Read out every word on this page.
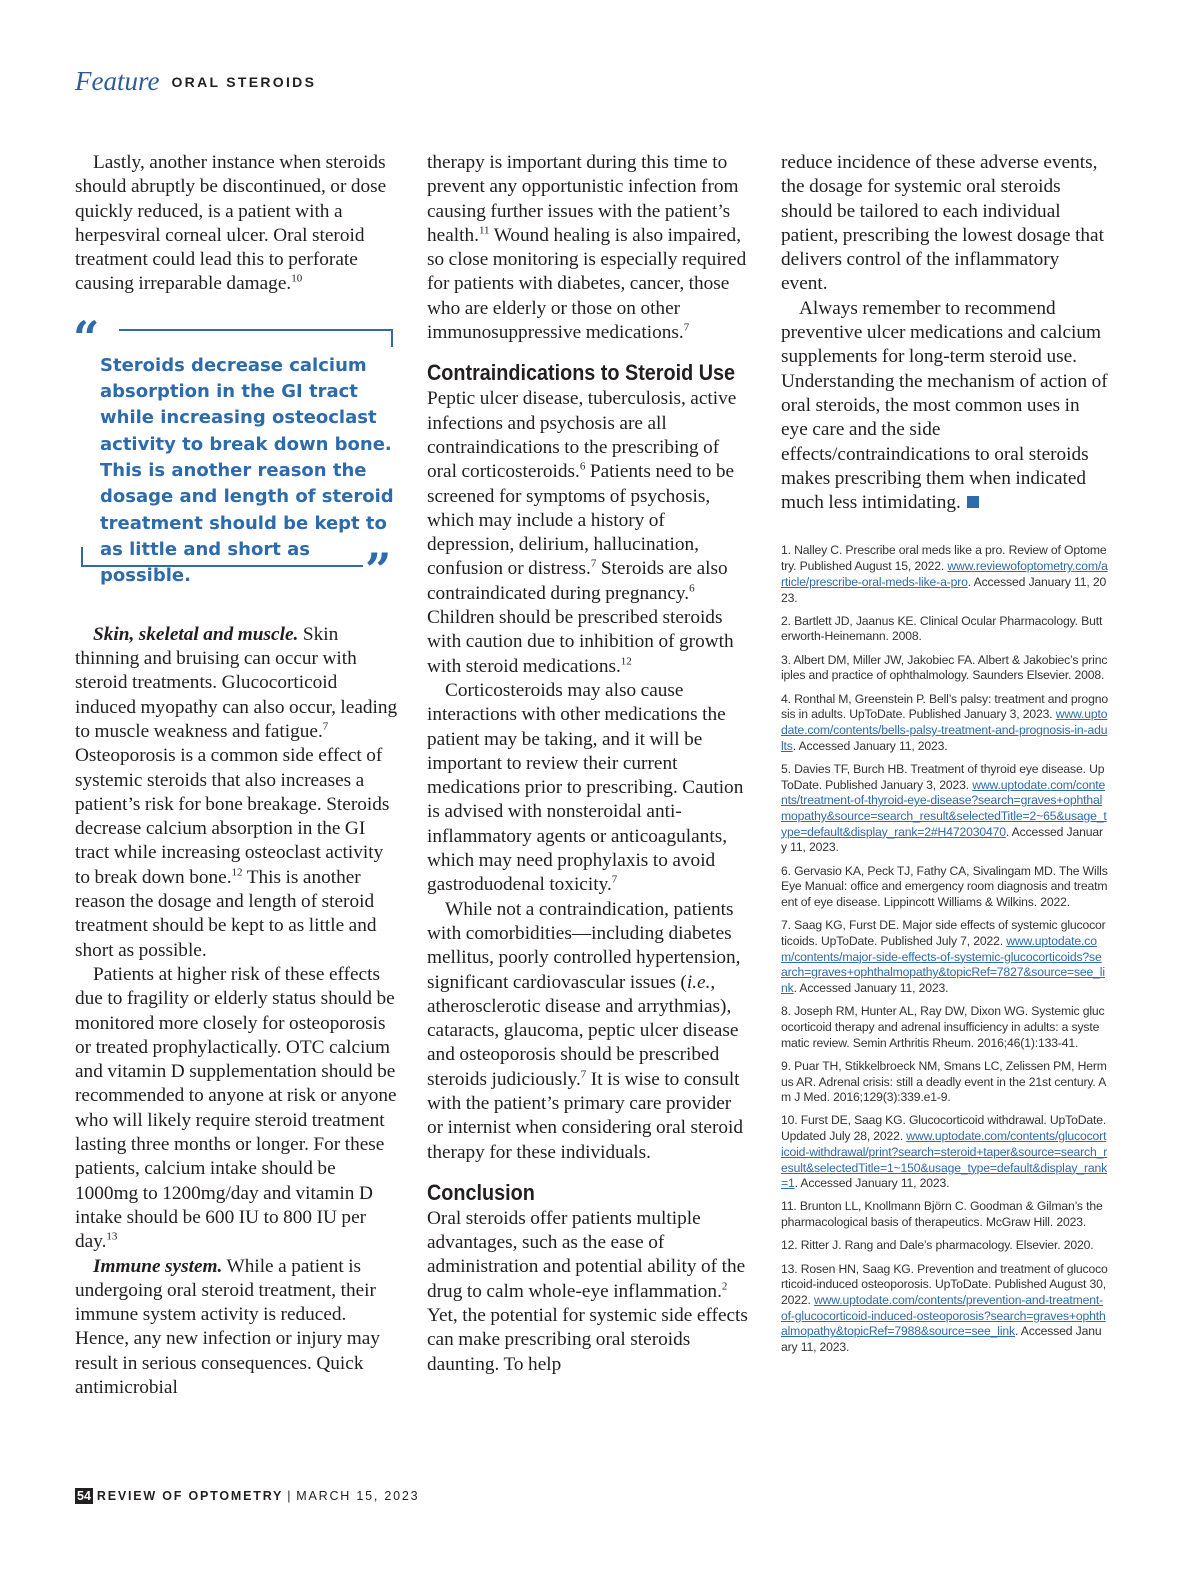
Feature ORAL STEROIDS

Lastly, another instance when steroids should abruptly be discontinued, or dose quickly reduced, is a patient with a herpesviral corneal ulcer. Oral steroid treatment could lead this to perforate causing irreparable damage.$^{10}$

“
”
Steroids decrease calcium absorption in the GI tract while increasing osteoclast activity to break down bone. This is another reason the dosage and length of steroid treatment should be kept to as little and short as possible.

Skin, skeletal and muscle. Skin thinning and bruising can occur with steroid treatments. Glucocorticoid induced myopathy can also occur, leading to muscle weakness and fatigue.$^7$ Osteoporosis is a common side effect of systemic steroids that also increases a patient’s risk for bone breakage. Steroids decrease calcium absorption in the GI tract while increasing osteoclast activity to break down bone.$^{12}$ This is another reason the dosage and length of steroid treatment should be kept to as little and short as possible.

Patients at higher risk of these effects due to fragility or elderly status should be monitored more closely for osteoporosis or treated prophylactically. OTC calcium and vitamin D supplementation should be recommended to anyone at risk or anyone who will likely require steroid treatment lasting three months or longer. For these patients, calcium intake should be 1000mg to 1200mg/day and vitamin D intake should be 600 IU to 800 IU per day.$^{13}$

Immune system. While a patient is undergoing oral steroid treatment, their immune system activity is reduced. Hence, any new infection or injury may result in serious consequences. Quick antimicrobial

therapy is important during this time to prevent any opportunistic infection from causing further issues with the patient’s health.$^{11}$ Wound healing is also impaired, so close monitoring is especially required for patients with diabetes, cancer, those who are elderly or those on other immunosuppressive medications.$^7$

Contraindications to Steroid Use

Peptic ulcer disease, tuberculosis, active infections and psychosis are all contraindications to the prescribing of oral corticosteroids.$^6$ Patients need to be screened for symptoms of psychosis, which may include a history of depression, delirium, hallucination, confusion or distress.$^7$ Steroids are also contraindicated during pregnancy.$^6$ Children should be prescribed steroids with caution due to inhibition of growth with steroid medications.$^{12}$

Corticosteroids may also cause interactions with other medications the patient may be taking, and it will be important to review their current medications prior to prescribing. Caution is advised with nonsteroidal anti-inflammatory agents or anticoagulants, which may need prophylaxis to avoid gastroduodenal toxicity.$^7$

While not a contraindication, patients with comorbidities—including diabetes mellitus, poorly controlled hypertension, significant cardiovascular issues (i.e., atherosclerotic disease and arrythmias), cataracts, glaucoma, peptic ulcer disease and osteoporosis should be prescribed steroids judiciously.$^7$ It is wise to consult with the patient’s primary care provider or internist when considering oral steroid therapy for these individuals.

Conclusion

Oral steroids offer patients multiple advantages, such as the ease of administration and potential ability of the drug to calm whole-eye inflammation.$^2$ Yet, the potential for systemic side effects can make prescribing oral steroids daunting. To help

reduce incidence of these adverse events, the dosage for systemic oral steroids should be tailored to each individual patient, prescribing the lowest dosage that delivers control of the inflammatory event.

Always remember to recommend preventive ulcer medications and calcium supplements for long-term steroid use. Understanding the mechanism of action of oral steroids, the most common uses in eye care and the side effects/contraindications to oral steroids makes prescribing them when indicated much less intimidating.

1. Nalley C. Prescribe oral meds like a pro. Review of Optometry. Published August 15, 2022. www.reviewofoptometry.com/article/prescribe-oral-meds-like-a-pro. Accessed January 11, 2023.

2. Bartlett JD, Jaanus KE. Clinical Ocular Pharmacology. Butterworth-Heinemann. 2008.

3. Albert DM, Miller JW, Jakobiec FA. Albert & Jakobiec’s principles and practice of ophthalmology. Saunders Elsevier. 2008.

4. Ronthal M, Greenstein P. Bell’s palsy: treatment and prognosis in adults. UpToDate. Published January 3, 2023. www.uptodate.com/contents/bells-palsy-treatment-and-prognosis-in-adults. Accessed January 11, 2023.

5. Davies TF, Burch HB. Treatment of thyroid eye disease. UpToDate. Published January 3, 2023. www.uptodate.com/contents/treatment-of-thyroid-eye-disease?search=graves+ophthalmopathy&source=search_result&selectedTitle=2~65&usage_type=default&display_rank=2#H472030470. Accessed January 11, 2023.

6. Gervasio KA, Peck TJ, Fathy CA, Sivalingam MD. The Wills Eye Manual: office and emergency room diagnosis and treatment of eye disease. Lippincott Williams & Wilkins. 2022.

7. Saag KG, Furst DE. Major side effects of systemic glucocorticoids. UpToDate. Published July 7, 2022. www.uptodate.com/contents/major-side-effects-of-systemic-glucocorticoids?search=graves+ophthalmopathy&topicRef=7827&source=see_link. Accessed January 11, 2023.

8. Joseph RM, Hunter AL, Ray DW, Dixon WG. Systemic glucocorticoid therapy and adrenal insufficiency in adults: a systematic review. Semin Arthritis Rheum. 2016;46(1):133-41.

9. Puar TH, Stikkelbroeck NM, Smans LC, Zelissen PM, Hermus AR. Adrenal crisis: still a deadly event in the 21st century. Am J Med. 2016;129(3):339.e1-9.

10. Furst DE, Saag KG. Glucocorticoid withdrawal. UpToDate. Updated July 28, 2022. www.uptodate.com/contents/glucocorticoid-withdrawal/print?search=steroid+taper&source=search_result&selectedTitle=1~150&usage_type=default&display_rank=1. Accessed January 11, 2023.

11. Brunton LL, Knollmann Björn C. Goodman & Gilman’s the pharmacological basis of therapeutics. McGraw Hill. 2023.

12. Ritter J. Rang and Dale’s pharmacology. Elsevier. 2020.

13. Rosen HN, Saag KG. Prevention and treatment of glucocorticoid-induced osteoporosis. UpToDate. Published August 30, 2022. www.uptodate.com/contents/prevention-and-treatment-of-glucocorticoid-induced-osteoporosis?search=graves+ophthalmopathy&topicRef=7988&source=see_link. Accessed January 11, 2023.

54 REVIEW OF OPTOMETRY | MARCH 15, 2023
